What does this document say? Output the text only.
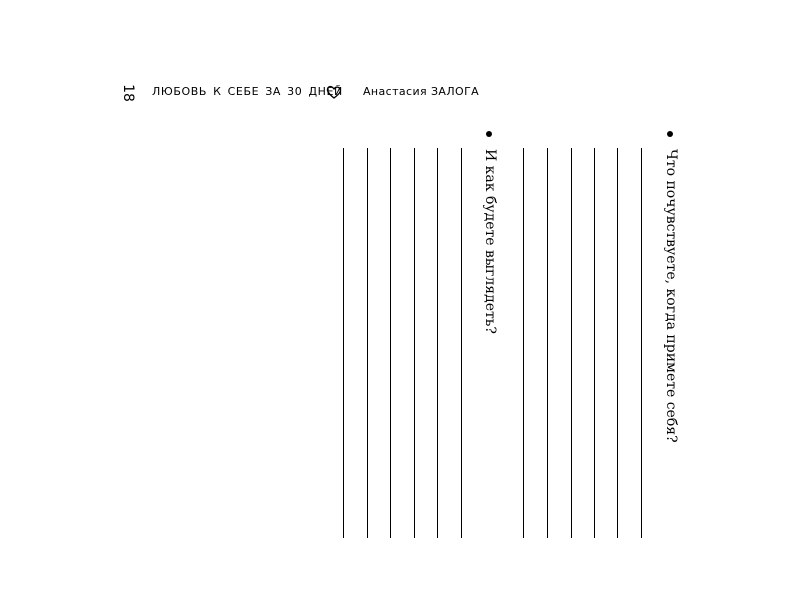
18 ЛЮБОВЬ К СЕБЕ ЗА 30 ДНЕЙ Анастасия ЗАЛОГА
Что почувствуете, когда примете себя?
И как будете выглядеть?
